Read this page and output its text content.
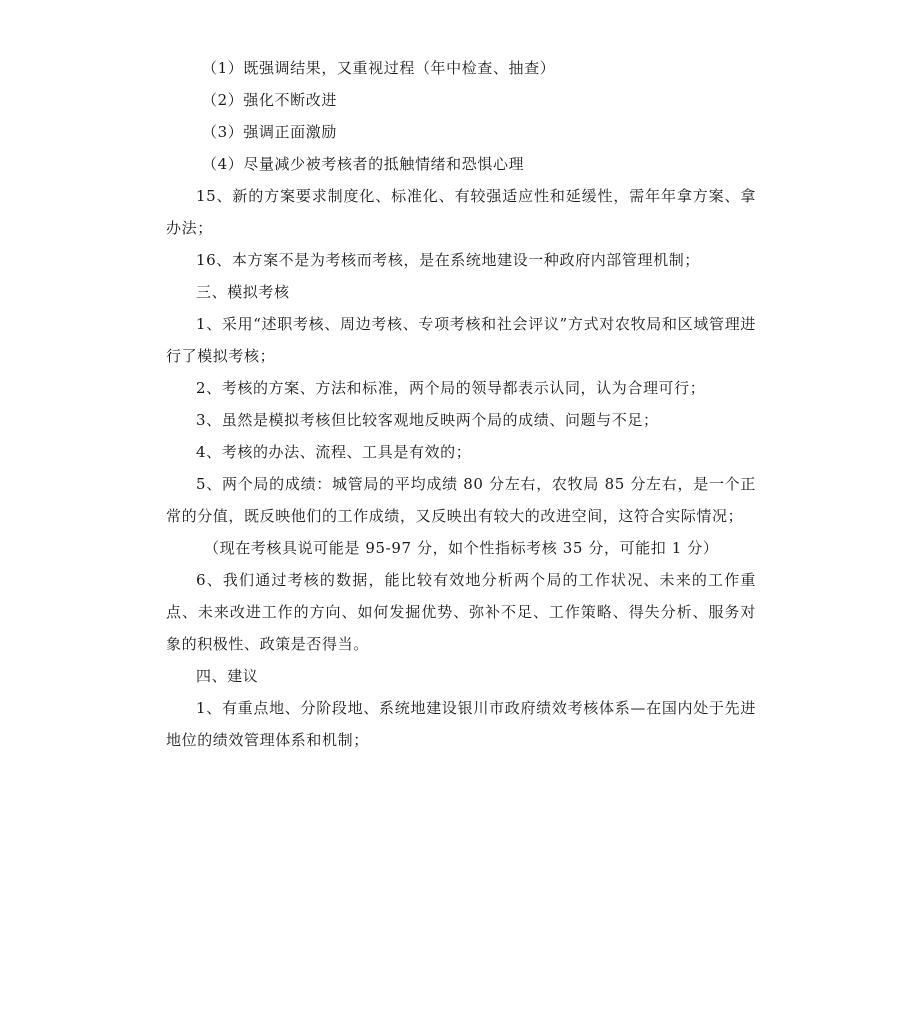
（1）既强调结果，又重视过程（年中检查、抽查）

（2）强化不断改进

（3）强调正面激励

（4）尽量减少被考核者的抵触情绪和恐惧心理

15、新的方案要求制度化、标准化、有较强适应性和延缓性，需年年拿方案、拿办法；

16、本方案不是为考核而考核，是在系统地建设一种政府内部管理机制；

三、模拟考核

1、采用“述职考核、周边考核、专项考核和社会评议”方式对农牧局和区域管理进行了模拟考核；

2、考核的方案、方法和标准，两个局的领导都表示认同，认为合理可行；

3、虽然是模拟考核但比较客观地反映两个局的成绩、问题与不足；

4、考核的办法、流程、工具是有效的；

5、两个局的成绩：城管局的平均成绩 80 分左右，农牧局 85 分左右，是一个正常的分值，既反映他们的工作成绩，又反映出有较大的改进空间，这符合实际情况；

（现在考核具说可能是 95-97 分，如个性指标考核 35 分，可能扣 1 分）

6、我们通过考核的数据，能比较有效地分析两个局的工作状况、未来的工作重点、未来改进工作的方向、如何发掘优势、弥补不足、工作策略、得失分析、服务对象的积极性、政策是否得当。

四、建议

1、有重点地、分阶段地、系统地建设银川市政府绩效考核体系—在国内处于先进地位的绩效管理体系和机制；
